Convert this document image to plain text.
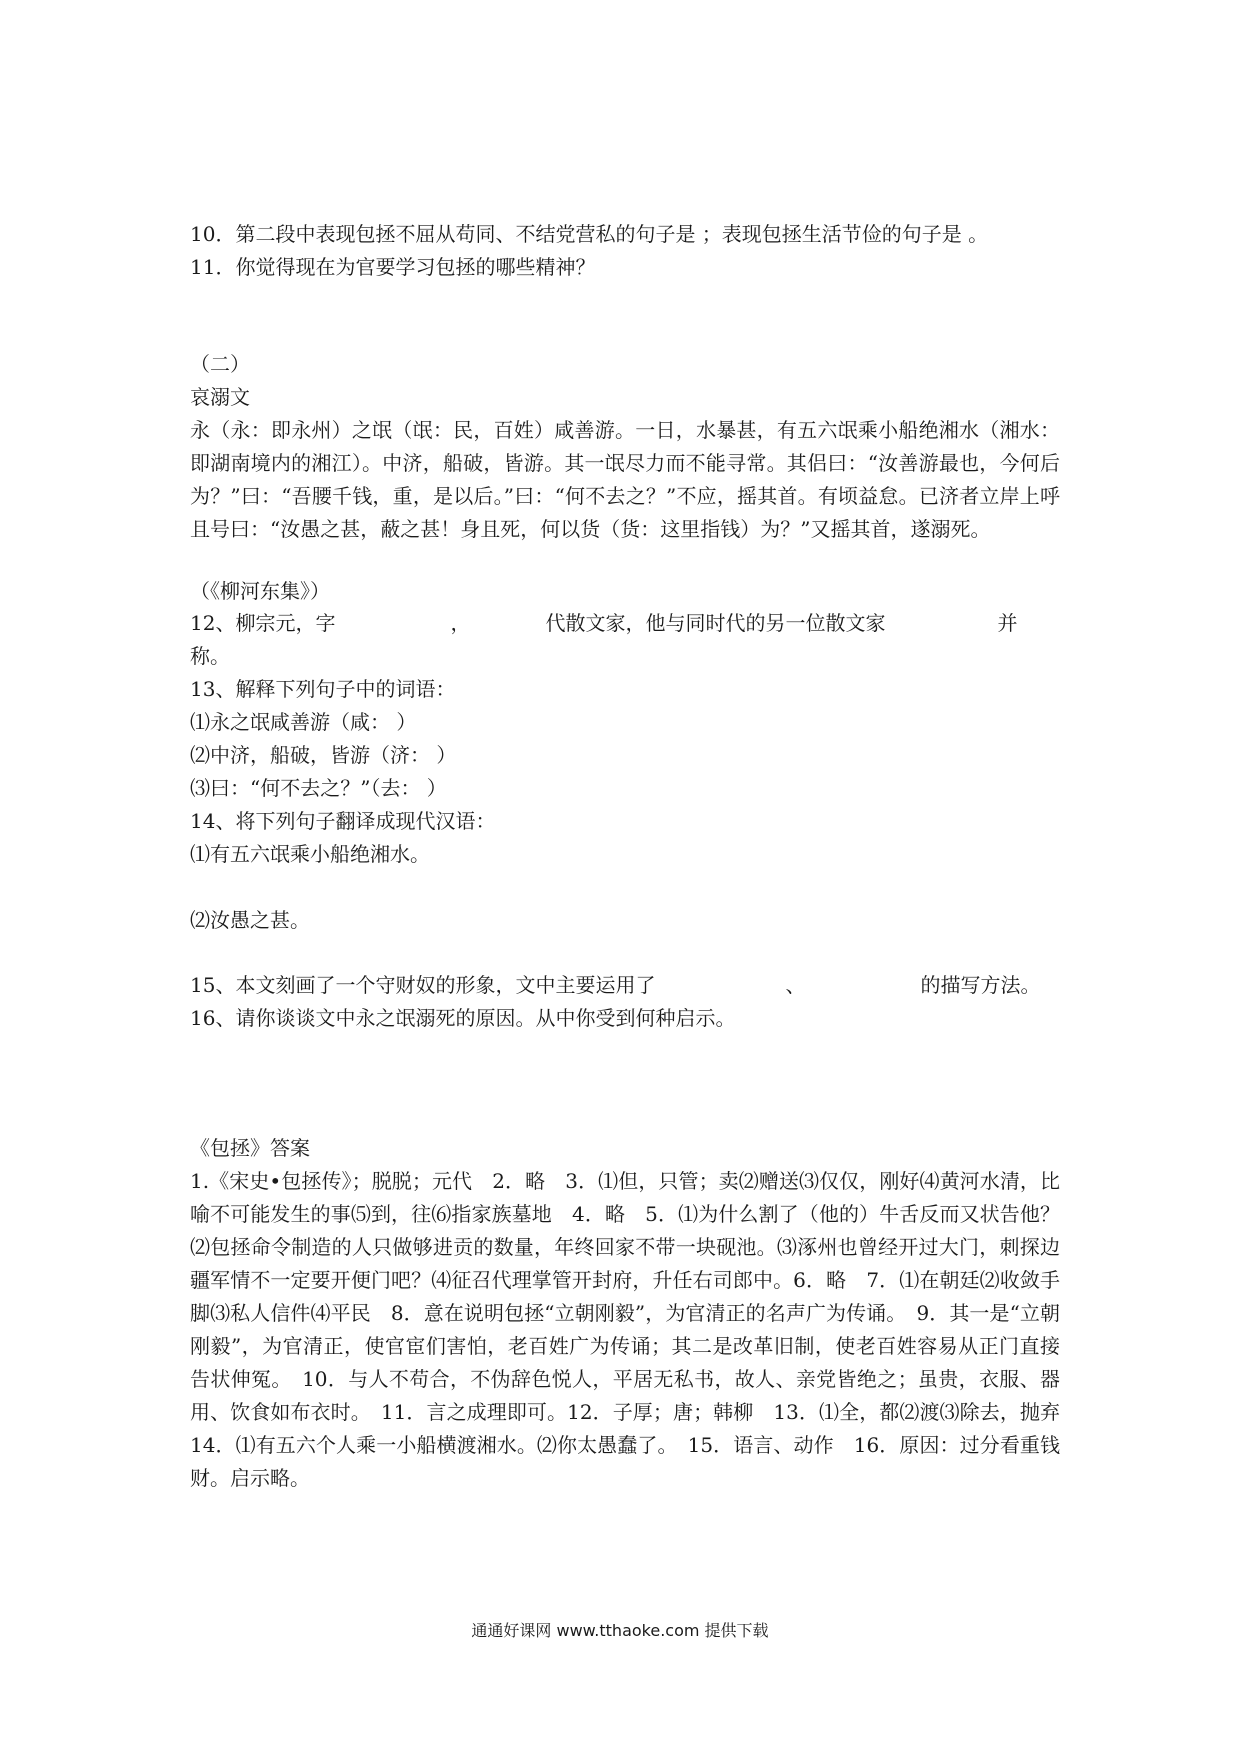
10．第二段中表现包拯不屈从苟同、不结党营私的句子是 ；表现包拯生活节俭的句子是 。
11．你觉得现在为官要学习包拯的哪些精神？
（二）
哀溺文
永（永：即永州）之氓（氓：民，百姓）咸善游。一日，水暴甚，有五六氓乘小船绝湘水（湘水：即湖南境内的湘江）。中济，船破，皆游。其一氓尽力而不能寻常。其侣曰：“汝善游最也，今何后为？”曰：“吾腰千钱，重，是以后。”曰：“何不去之？”不应，摇其首。有顷益怠。已济者立岸上呼且号曰：“汝愚之甚，蔽之甚！身且死，何以货（货：这里指钱）为？”又摇其首，遂溺死。
（《柳河东集》）
12、柳宗元，字	，	代散文家，他与同时代的另一位散文家	并
称。
13、解释下列句子中的词语：
⑴永之氓咸善游（咸： ）
⑵中济，船破，皆游（济： ）
⑶曰：“何不去之？”（去： ）
14、将下列句子翻译成现代汉语：
⑴有五六氓乘小船绝湘水。
⑵汝愚之甚。
15、本文刻画了一个守财奴的形象，文中主要运用了	、	的描写方法。
16、请你谈谈文中永之氓溺死的原因。从中你受到何种启示。
《包拯》答案
1.《宋史•包拯传》；脱脱；元代　2．略　3．⑴但，只管；卖⑵赠送⑶仅仅，刚好⑷黄河水清，比喻不可能发生的事⑸到，往⑹指家族墓地　4．略　5．⑴为什么割了（他的）牛舌反而又状告他？⑵包拯命令制造的人只做够进贡的数量，年终回家不带一块砚池。⑶涿州也曾经开过大门，刺探边疆军情不一定要开便门吧？⑷征召代理掌管开封府，升任右司郎中。6．略　7．⑴在朝廷⑵收敛手脚⑶私人信件⑷平民　8．意在说明包拯“立朝刚毅”，为官清正的名声广为传诵。　9．其一是“立朝刚毅”，为官清正，使官宦们害怕，老百姓广为传诵；其二是改革旧制，使老百姓容易从正门直接告状伸冤。　10．与人不苟合，不伪辞色悦人，平居无私书，故人、亲党皆绝之；虽贵，衣服、器用、饮食如布衣时。　11．言之成理即可。12．子厚；唐；韩柳　13．⑴全，都⑵渡⑶除去，抛弃　14．⑴有五六个人乘一小船横渡湘水。⑵你太愚蠢了。　15．语言、动作　16．原因：过分看重钱财。启示略。
通通好课网 www.tthaoke.com 提供下载
